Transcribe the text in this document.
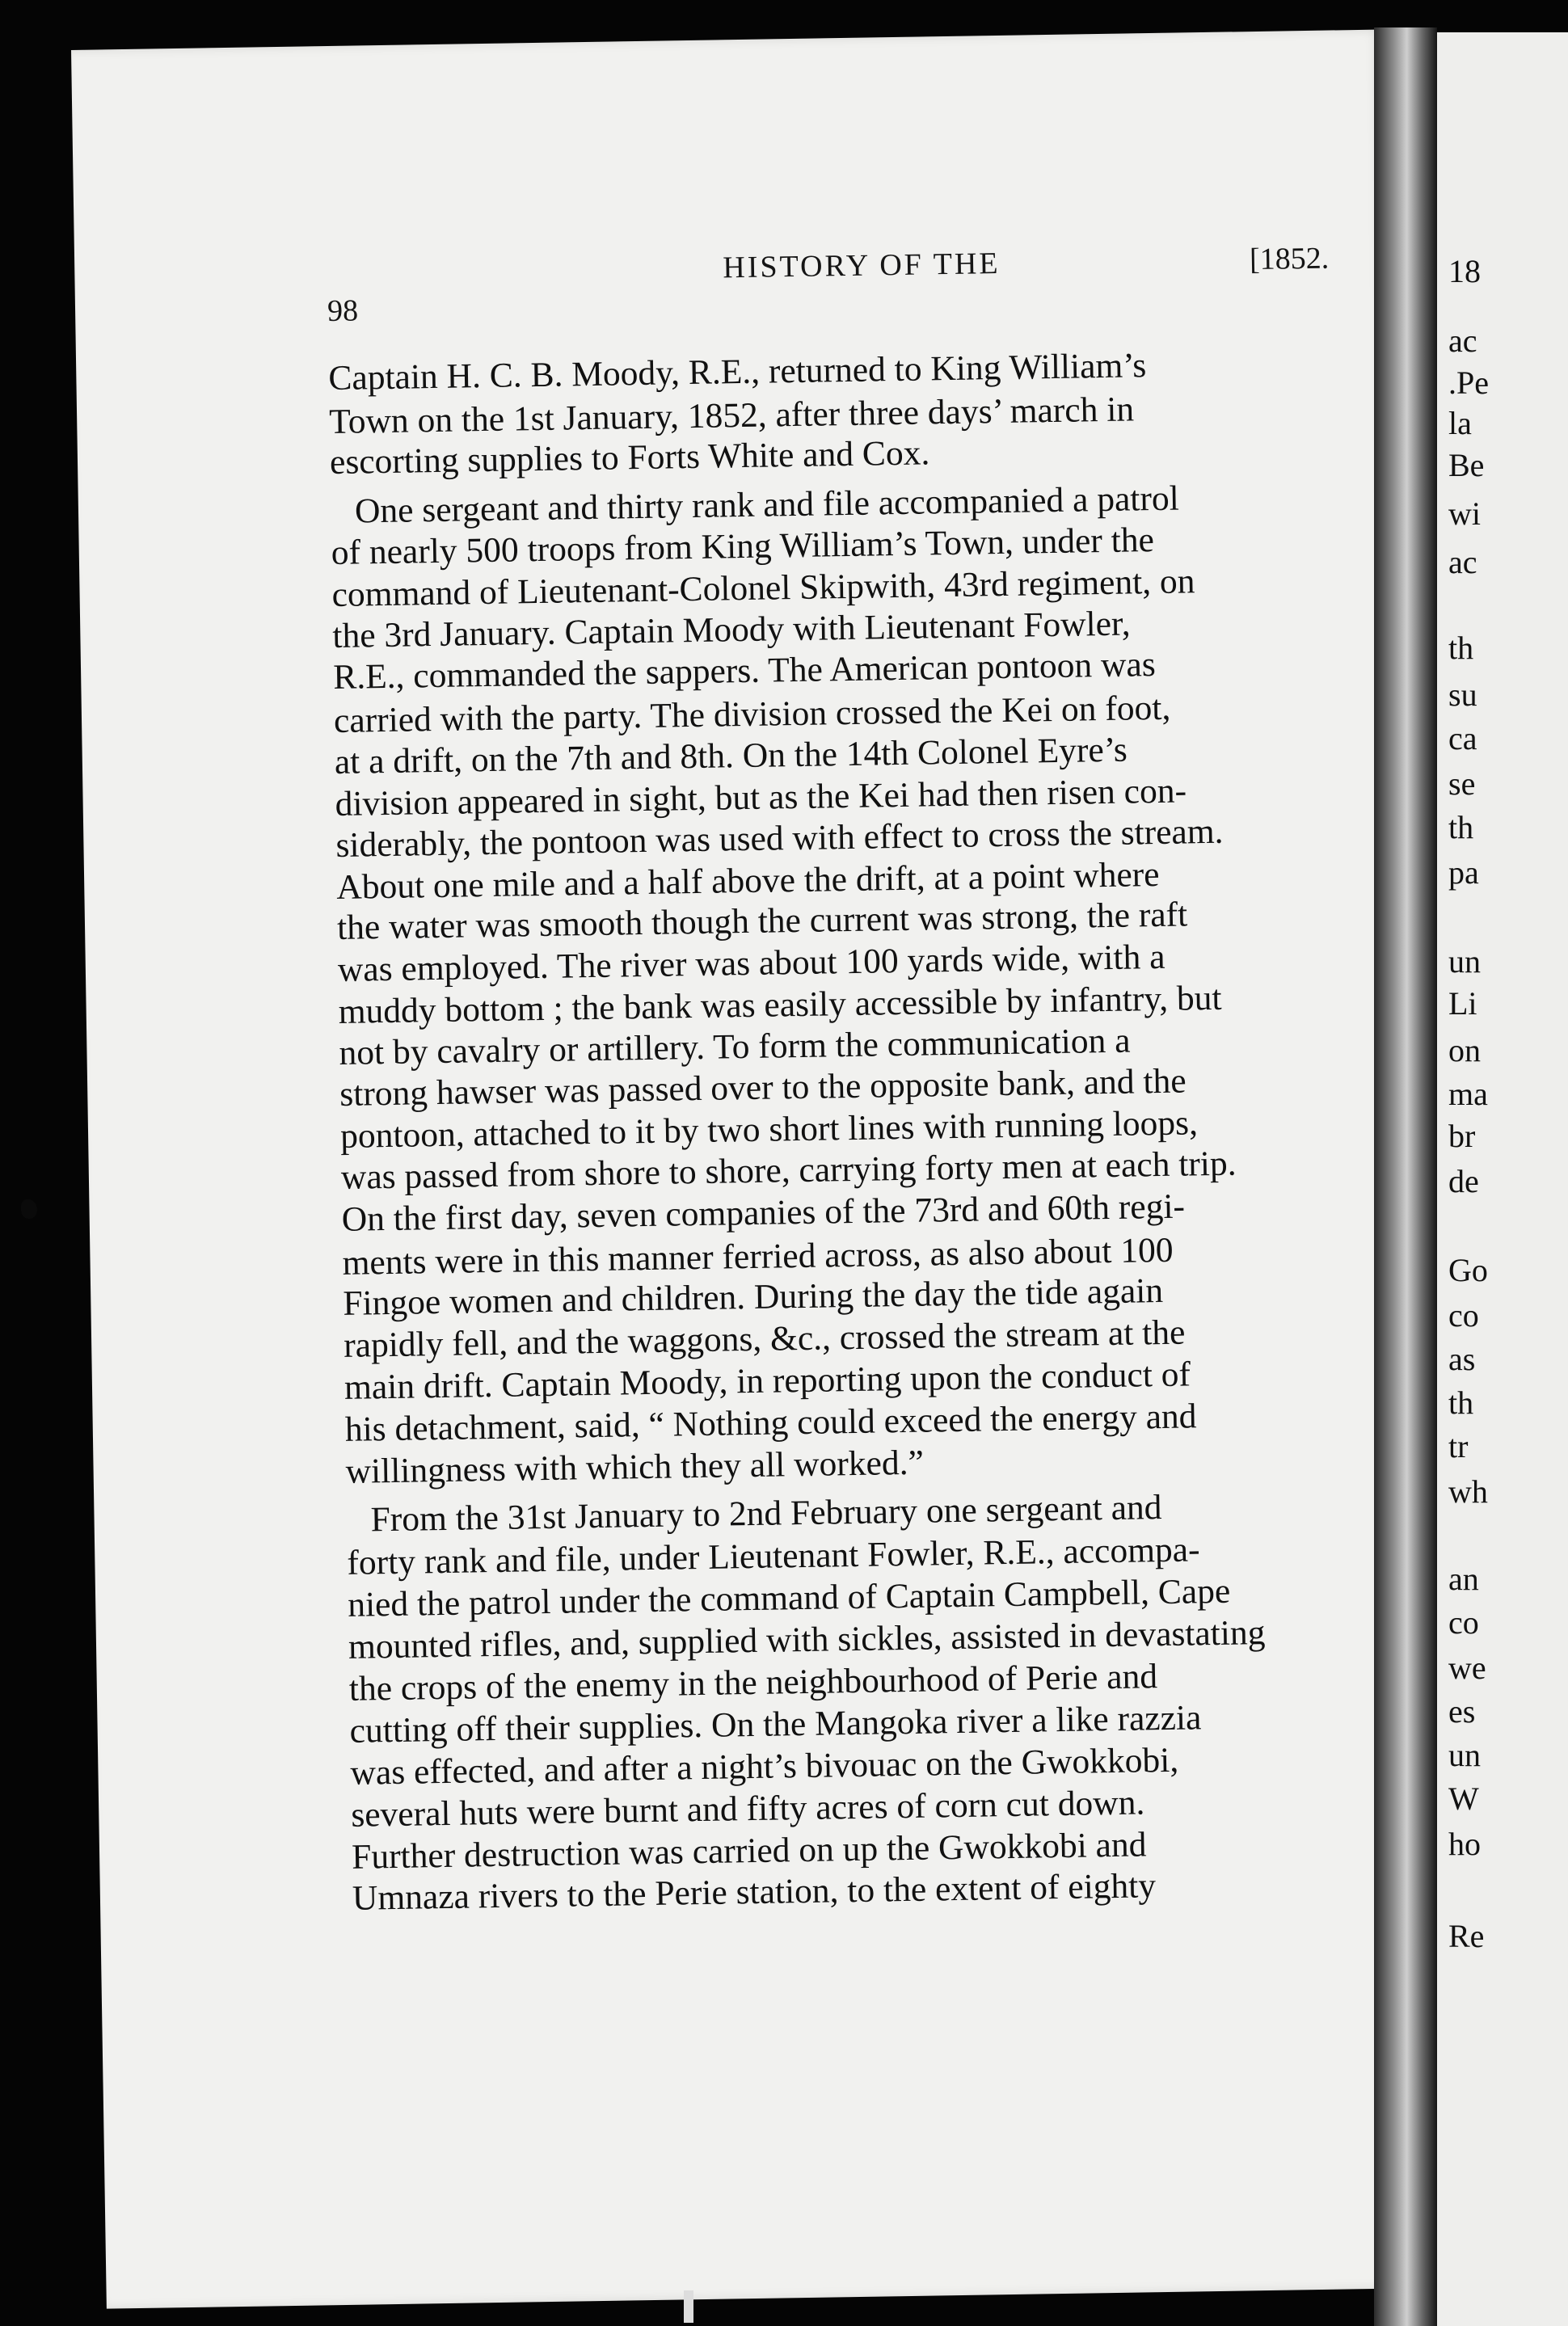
98
HISTORY OF THE	[1852.

Captain H. C. B. Moody, R.E., returned to King William’s

Town on the 1st January, 1852, after three days’ march in

escorting supplies to Forts White and Cox.

One sergeant and thirty rank and file accompanied a patrol

of nearly 500 troops from King William’s Town, under the

command of Lieutenant-Colonel Skipwith, 43rd regiment, on

the 3rd January. Captain Moody with Lieutenant Fowler,

R.E., commanded the sappers. The American pontoon was

carried with the party. The division crossed the Kei on foot,

at a drift, on the 7th and 8th. On the 14th Colonel Eyre’s

division appeared in sight, but as the Kei had then risen con-

siderably, the pontoon was used with effect to cross the stream.

About one mile and a half above the drift, at a point where

the water was smooth though the current was strong, the raft

was employed. The river was about 100 yards wide, with a

muddy bottom ; the bank was easily accessible by infantry, but

not by cavalry or artillery. To form the communication a

strong hawser was passed over to the opposite bank, and the

pontoon, attached to it by two short lines with running loops,

was passed from shore to shore, carrying forty men at each trip.

On the first day, seven companies of the 73rd and 60th regi-

ments were in this manner ferried across, as also about 100

Fingoe women and children. During the day the tide again

rapidly fell, and the waggons, &c., crossed the stream at the

main drift. Captain Moody, in reporting upon the conduct of

his detachment, said, “ Nothing could exceed the energy and

willingness with which they all worked.”

From the 31st January to 2nd February one sergeant and

forty rank and file, under Lieutenant Fowler, R.E., accompa-

nied the patrol under the command of Captain Campbell, Cape

mounted rifles, and, supplied with sickles, assisted in devastating

the crops of the enemy in the neighbourhood of Perie and

cutting off their supplies. On the Mangoka river a like razzia

was effected, and after a night’s bivouac on the Gwokkobi,

several huts were burnt and fifty acres of corn cut down.

Further destruction was carried on up the Gwokkobi and

Umnaza rivers to the Perie station, to the extent of eighty

18
ac
.Pe
la
Be
wi
ac
th
su
ca
se
th
pa
un
Li
on
ma
br
de
Go
co
as
th
tr
wh
an
co
we
es
un
W
ho
Re
